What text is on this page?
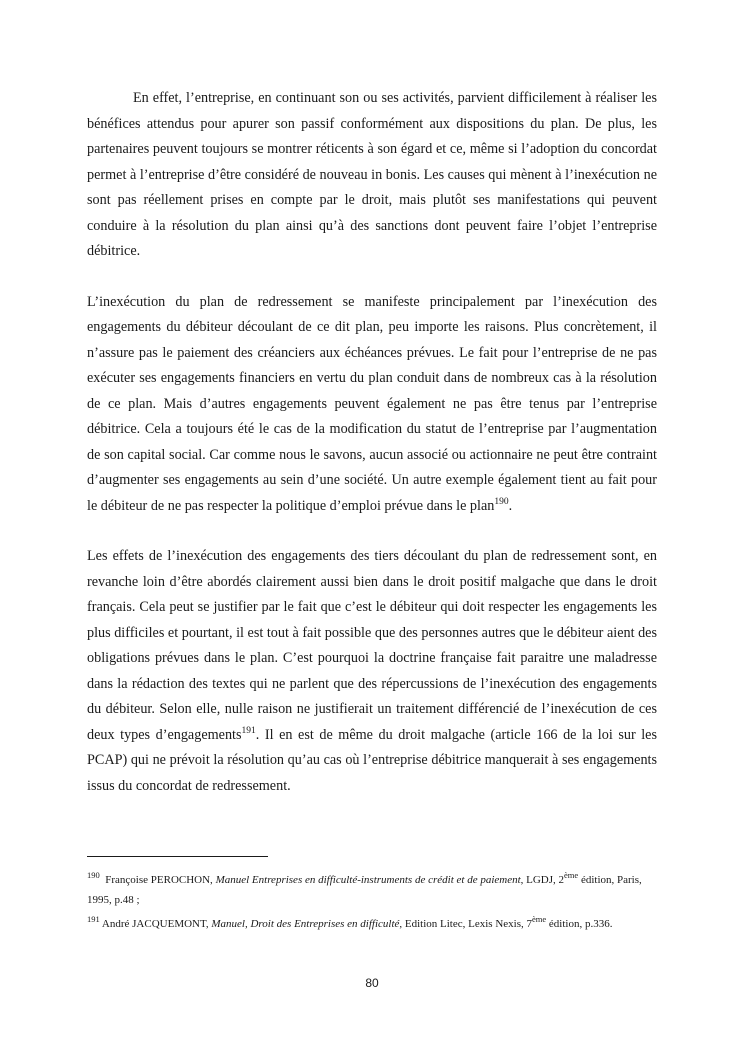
En effet, l’entreprise, en continuant son ou ses activités, parvient difficilement à réaliser les bénéfices attendus pour apurer son passif conformément aux dispositions du plan. De plus, les partenaires peuvent toujours se montrer réticents à son égard et ce, même si l’adoption du concordat permet à l’entreprise d’être considéré de nouveau in bonis. Les causes qui mènent à l’inexécution ne sont pas réellement prises en compte par le droit, mais plutôt ses manifestations qui peuvent conduire à la résolution du plan ainsi qu’à des sanctions dont peuvent faire l’objet l’entreprise débitrice.

L’inexécution du plan de redressement se manifeste principalement par l’inexécution des engagements du débiteur découlant de ce dit plan, peu importe les raisons. Plus concrètement, il n’assure pas le paiement des créanciers aux échéances prévues. Le fait pour l’entreprise de ne pas exécuter ses engagements financiers en vertu du plan conduit dans de nombreux cas à la résolution de ce plan. Mais d’autres engagements peuvent également ne pas être tenus par l’entreprise débitrice. Cela a toujours été le cas de la modification du statut de l’entreprise par l’augmentation de son capital social. Car comme nous le savons, aucun associé ou actionnaire ne peut être contraint d’augmenter ses engagements au sein d’une société. Un autre exemple également tient au fait pour le débiteur de ne pas respecter la politique d’emploi prévue dans le plan$^{190}$.

Les effets de l’inexécution des engagements des tiers découlant du plan de redressement sont, en revanche loin d’être abordés clairement aussi bien dans le droit positif malgache que dans le droit français. Cela peut se justifier par le fait que c’est le débiteur qui doit respecter les engagements les plus difficiles et pourtant, il est tout à fait possible que des personnes autres que le débiteur aient des obligations prévues dans le plan. C’est pourquoi la doctrine française fait paraitre une maladresse dans la rédaction des textes qui ne parlent que des répercussions de l’inexécution des engagements du débiteur. Selon elle, nulle raison ne justifierait un traitement différencié de l’inexécution de ces deux types d’engagements$^{191}$. Il en est de même du droit malgache (article 166 de la loi sur les PCAP) qui ne prévoit la résolution qu’au cas où l’entreprise débitrice manquerait à ses engagements issus du concordat de redressement.

$^{190}$ Françoise PEROCHON, Manuel Entreprises en difficulté-instruments de crédit et de paiement, LGDJ, 2ème édition, Paris, 1995, p.48 ;

$^{191}$ André JACQUEMONT, Manuel, Droit des Entreprises en difficulté, Edition Litec, Lexis Nexis, 7ème édition, p.336.

80
